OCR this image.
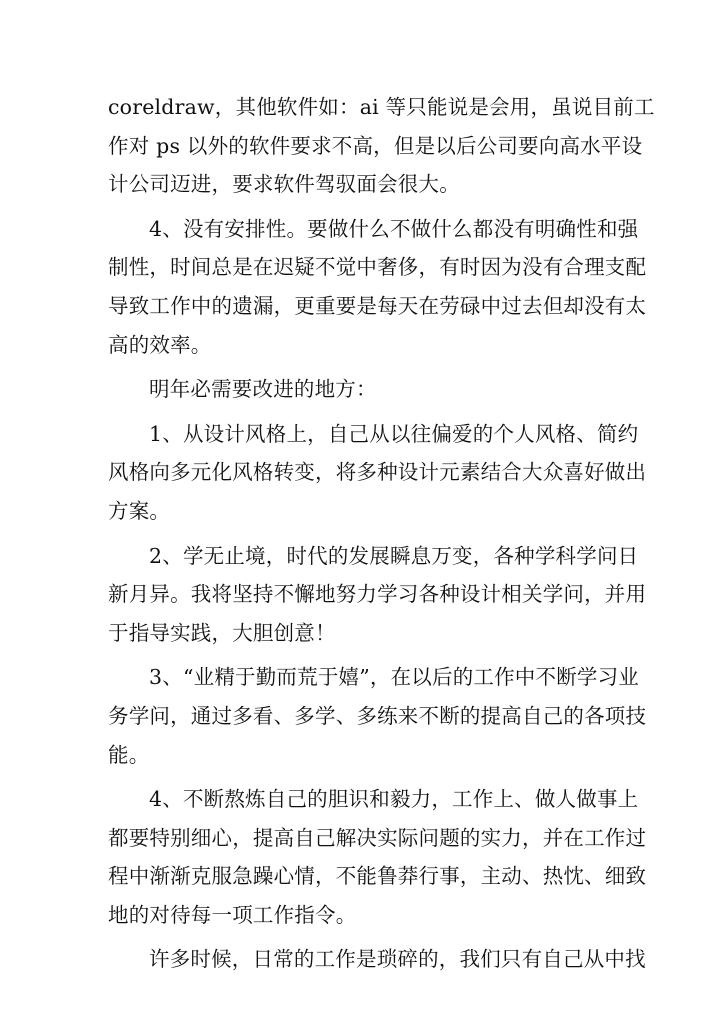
coreldraw，其他软件如：ai 等只能说是会用，虽说目前工
作对 ps 以外的软件要求不高，但是以后公司要向高水平设
计公司迈进，要求软件驾驭面会很大。
4、没有安排性。要做什么不做什么都没有明确性和强
制性，时间总是在迟疑不觉中奢侈，有时因为没有合理支配
导致工作中的遗漏，更重要是每天在劳碌中过去但却没有太
高的效率。
明年必需要改进的地方：
1、从设计风格上，自己从以往偏爱的个人风格、简约
风格向多元化风格转变，将多种设计元素结合大众喜好做出
方案。
2、学无止境，时代的发展瞬息万变，各种学科学问日
新月异。我将坚持不懈地努力学习各种设计相关学问，并用
于指导实践，大胆创意！
3、“业精于勤而荒于嬉”，在以后的工作中不断学习业
务学问，通过多看、多学、多练来不断的提高自己的各项技
能。
4、不断熬炼自己的胆识和毅力，工作上、做人做事上
都要特别细心，提高自己解决实际问题的实力，并在工作过
程中渐渐克服急躁心情，不能鲁莽行事，主动、热忱、细致
地的对待每一项工作指令。
许多时候，日常的工作是琐碎的，我们只有自己从中找
